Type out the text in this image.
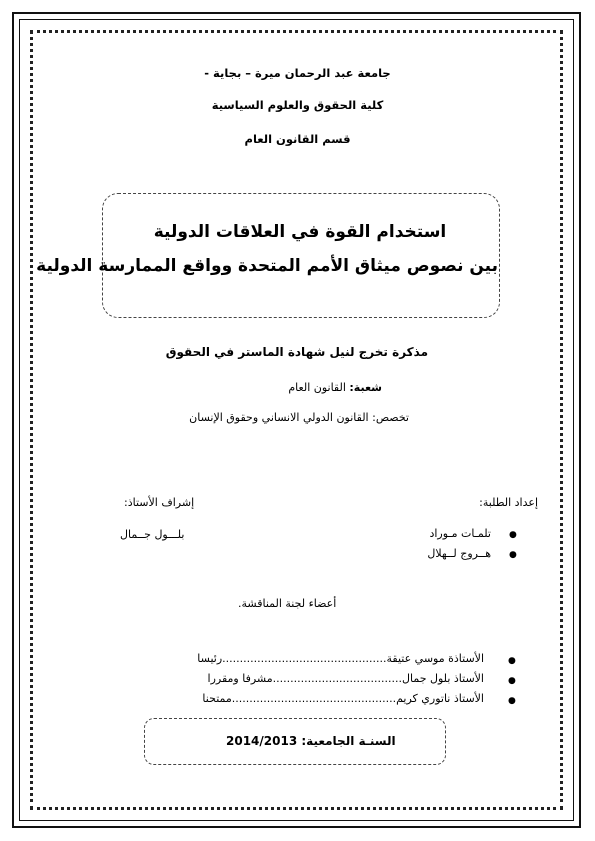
جامعة عبد الرحمان ميرة – بجاية -
كلية الحقوق والعلوم السياسية
قسم القانون العام
استخدام القوة في العلاقات الدولية
بين نصوص ميثاق الأمم المتحدة وواقع الممارسة الدولية
مذكرة تخرج لنيل شهادة الماستر في الحقوق
شعبة: القانون العام
تخصص: القانون الدولي الانساني وحقوق الإنسان
إعداد الطلبة:
إشراف الأستاذ:
●
تلمـات مـوراد
●
هــروج لــهلال
بلـــول جــمال
أعضاء لجنة المناقشة.
●
الأستاذة موسي عتيقة...............................................رئيسا
●
الأستاذ بلول جمال.....................................مشرفا ومقررا
●
الأستاذ ناتوري كريم...............................................ممتحنا
السنـة الجامعية: 2014/2013
